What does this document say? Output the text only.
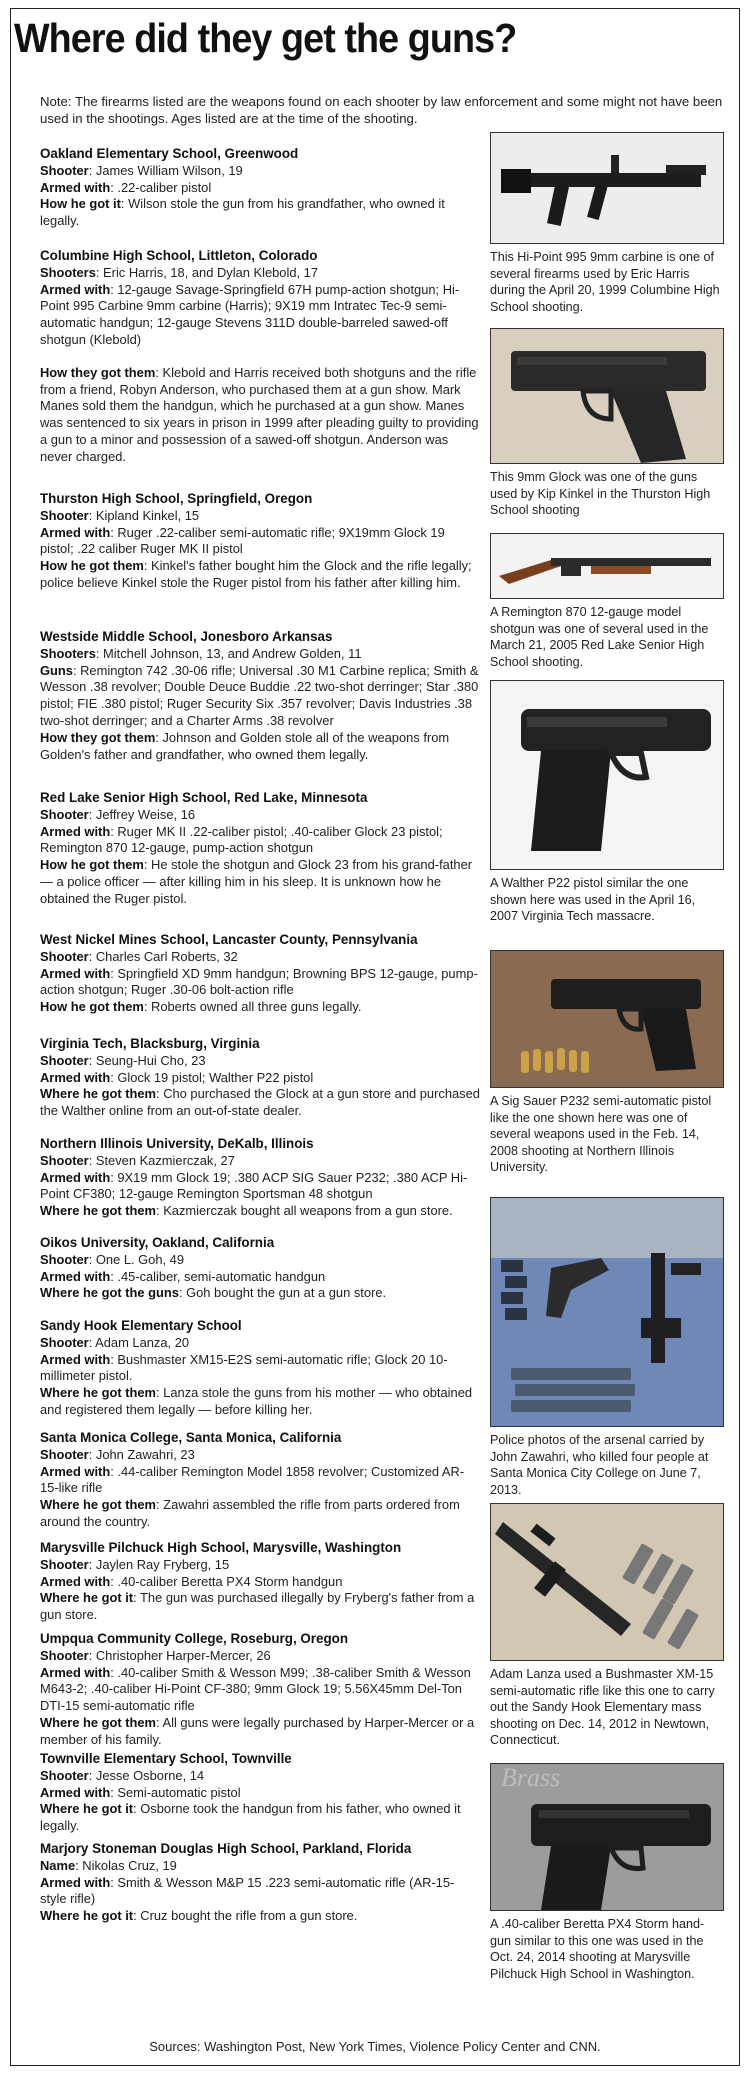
Where did they get the guns?
Note: The firearms listed are the weapons found on each shooter by law enforcement and some might not have been used in the shootings. Ages listed are at the time of the shooting.
Oakland Elementary School, Greenwood
Shooter: James William Wilson, 19
Armed with: .22-caliber pistol
How he got it: Wilson stole the gun from his grandfather, who owned it legally.
Columbine High School, Littleton, Colorado
Shooters: Eric Harris, 18, and Dylan Klebold, 17
Armed with: 12-gauge Savage-Springfield 67H pump-action shotgun; Hi-Point 995 Carbine 9mm carbine (Harris); 9X19 mm Intratec Tec-9 semi-automatic handgun; 12-gauge Stevens 311D double-barreled sawed-off shotgun (Klebold)
How they got them: Klebold and Harris received both shotguns and the rifle from a friend, Robyn Anderson, who purchased them at a gun show. Mark Manes sold them the handgun, which he purchased at a gun show. Manes was sentenced to six years in prison in 1999 after pleading guilty to providing a gun to a minor and possession of a sawed-off shotgun. Anderson was never charged.
Thurston High School, Springfield, Oregon
Shooter: Kipland Kinkel, 15
Armed with: Ruger .22-caliber semi-automatic rifle; 9X19mm Glock 19 pistol; .22 caliber Ruger MK II pistol
How he got them: Kinkel's father bought him the Glock and the rifle legally; police believe Kinkel stole the Ruger pistol from his father after killing him.
Westside Middle School, Jonesboro Arkansas
Shooters: Mitchell Johnson, 13, and Andrew Golden, 11
Guns: Remington 742 .30-06 rifle; Universal .30 M1 Carbine replica; Smith & Wesson .38 revolver; Double Deuce Buddie .22 two-shot derringer; Star .380 pistol; FIE .380 pistol; Ruger Security Six .357 revolver; Davis Industries .38 two-shot derringer; and a Charter Arms .38 revolver
How they got them: Johnson and Golden stole all of the weapons from Golden's father and grandfather, who owned them legally.
Red Lake Senior High School, Red Lake, Minnesota
Shooter: Jeffrey Weise, 16
Armed with: Ruger MK II .22-caliber pistol; .40-caliber Glock 23 pistol; Remington 870 12-gauge, pump-action shotgun
How he got them: He stole the shotgun and Glock 23 from his grand-father — a police officer — after killing him in his sleep. It is unknown how he obtained the Ruger pistol.
West Nickel Mines School, Lancaster County, Pennsylvania
Shooter: Charles Carl Roberts, 32
Armed with: Springfield XD 9mm handgun; Browning BPS 12-gauge, pump-action shotgun; Ruger .30-06 bolt-action rifle
How he got them: Roberts owned all three guns legally.
Virginia Tech, Blacksburg, Virginia
Shooter: Seung-Hui Cho, 23
Armed with: Glock 19 pistol; Walther P22 pistol
Where he got them: Cho purchased the Glock at a gun store and purchased the Walther online from an out-of-state dealer.
Northern Illinois University, DeKalb, Illinois
Shooter: Steven Kazmierczak, 27
Armed with: 9X19 mm Glock 19; .380 ACP SIG Sauer P232; .380 ACP Hi-Point CF380; 12-gauge Remington Sportsman 48 shotgun
Where he got them: Kazmierczak bought all weapons from a gun store.
Oikos University, Oakland, California
Shooter: One L. Goh, 49
Armed with: .45-caliber, semi-automatic handgun
Where he got the guns: Goh bought the gun at a gun store.
Sandy Hook Elementary School
Shooter: Adam Lanza, 20
Armed with: Bushmaster XM15-E2S semi-automatic rifle; Glock 20 10-millimeter pistol.
Where he got them: Lanza stole the guns from his mother — who obtained and registered them legally — before killing her.
Santa Monica College, Santa Monica, California
Shooter: John Zawahri, 23
Armed with: .44-caliber Remington Model 1858 revolver; Customized AR-15-like rifle
Where he got them: Zawahri assembled the rifle from parts ordered from around the country.
Marysville Pilchuck High School, Marysville, Washington
Shooter: Jaylen Ray Fryberg, 15
Armed with: .40-caliber Beretta PX4 Storm handgun
Where he got it: The gun was purchased illegally by Fryberg's father from a gun store.
Umpqua Community College, Roseburg, Oregon
Shooter: Christopher Harper-Mercer, 26
Armed with: .40-caliber Smith & Wesson M99; .38-caliber Smith & Wesson M643-2; .40-caliber Hi-Point CF-380; 9mm Glock 19; 5.56X45mm Del-Ton DTI-15 semi-automatic rifle
Where he got them: All guns were legally purchased by Harper-Mercer or a member of his family.
Townville Elementary School, Townville
Shooter: Jesse Osborne, 14
Armed with: Semi-automatic pistol
Where he got it: Osborne took the handgun from his father, who owned it legally.
Marjory Stoneman Douglas High School, Parkland, Florida
Name: Nikolas Cruz, 19
Armed with: Smith & Wesson M&P 15 .223 semi-automatic rifle (AR-15-style rifle)
Where he got it: Cruz bought the rifle from a gun store.
This Hi-Point 995 9mm carbine is one of several firearms used by Eric Harris during the April 20, 1999 Columbine High School shooting.
This 9mm Glock was one of the guns used by Kip Kinkel in the Thurston High School shooting
A Remington 870 12-gauge model shotgun was one of several used in the March 21, 2005 Red Lake Senior High School shooting.
A Walther P22 pistol similar the one shown here was used in the April 16, 2007 Virginia Tech massacre.
A Sig Sauer P232 semi-automatic pistol like the one shown here was one of several weapons used in the Feb. 14, 2008 shooting at Northern Illinois University.
Police photos of the arsenal carried by John Zawahri, who killed four people at Santa Monica City College on June 7, 2013.
Adam Lanza used a Bushmaster XM-15 semi-automatic rifle like this one to carry out the Sandy Hook Elementary mass shooting on Dec. 14, 2012 in Newtown, Connecticut.
Brass
A .40-caliber Beretta PX4 Storm hand-gun similar to this one was used in the Oct. 24, 2014 shooting at Marysville Pilchuck High School in Washington.
Sources: Washington Post, New York Times, Violence Policy Center and CNN.
